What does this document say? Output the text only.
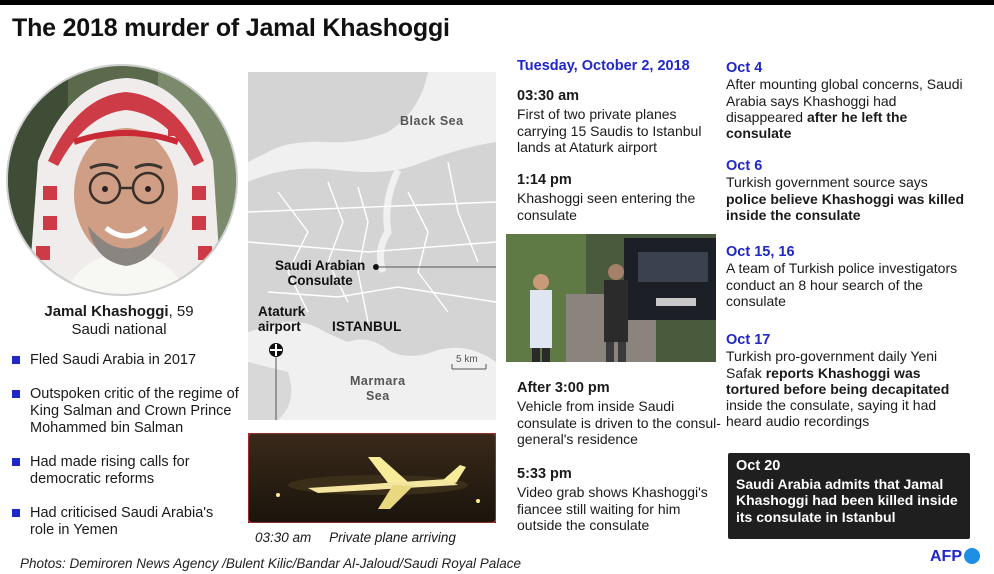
The 2018 murder of Jamal Khashoggi
Jamal Khashoggi, 59
Saudi national
Fled Saudi Arabia in 2017
Outspoken critic of the regime of King Salman and Crown Prince Mohammed bin Salman
Had made rising calls for democratic reforms
Had criticised Saudi Arabia's role in Yemen
Black Sea
Saudi Arabian
Consulate
Ataturk
airport	ISTANBUL
Marmara
Sea
5 km
03:30 am Private plane arriving
Tuesday, October 2, 2018
03:30 am

First of two private planes carrying 15 Saudis to Istanbul lands at Ataturk airport

1:14 pm

Khashoggi seen entering the consulate

After 3:00 pm

Vehicle from inside Saudi consulate is driven to the consul-general's residence

5:33 pm

Video grab shows Khashoggi's fiancee still waiting for him outside the consulate

Oct 4

After mounting global concerns, Saudi Arabia says Khashoggi had disappeared after he left the consulate

Oct 6

Turkish government source says police believe Khashoggi was killed inside the consulate

Oct 15, 16

A team of Turkish police investigators conduct an 8 hour search of the consulate

Oct 17

Turkish pro-government daily Yeni Safak reports Khashoggi was tortured before being decapitated inside the consulate, saying it had heard audio recordings

Oct 20
Saudi Arabia admits that Jamal Khashoggi had been killed inside its consulate in Istanbul
Photos: Demiroren News Agency /Bulent Kilic/Bandar Al-Jaloud/Saudi Royal Palace	AFP
